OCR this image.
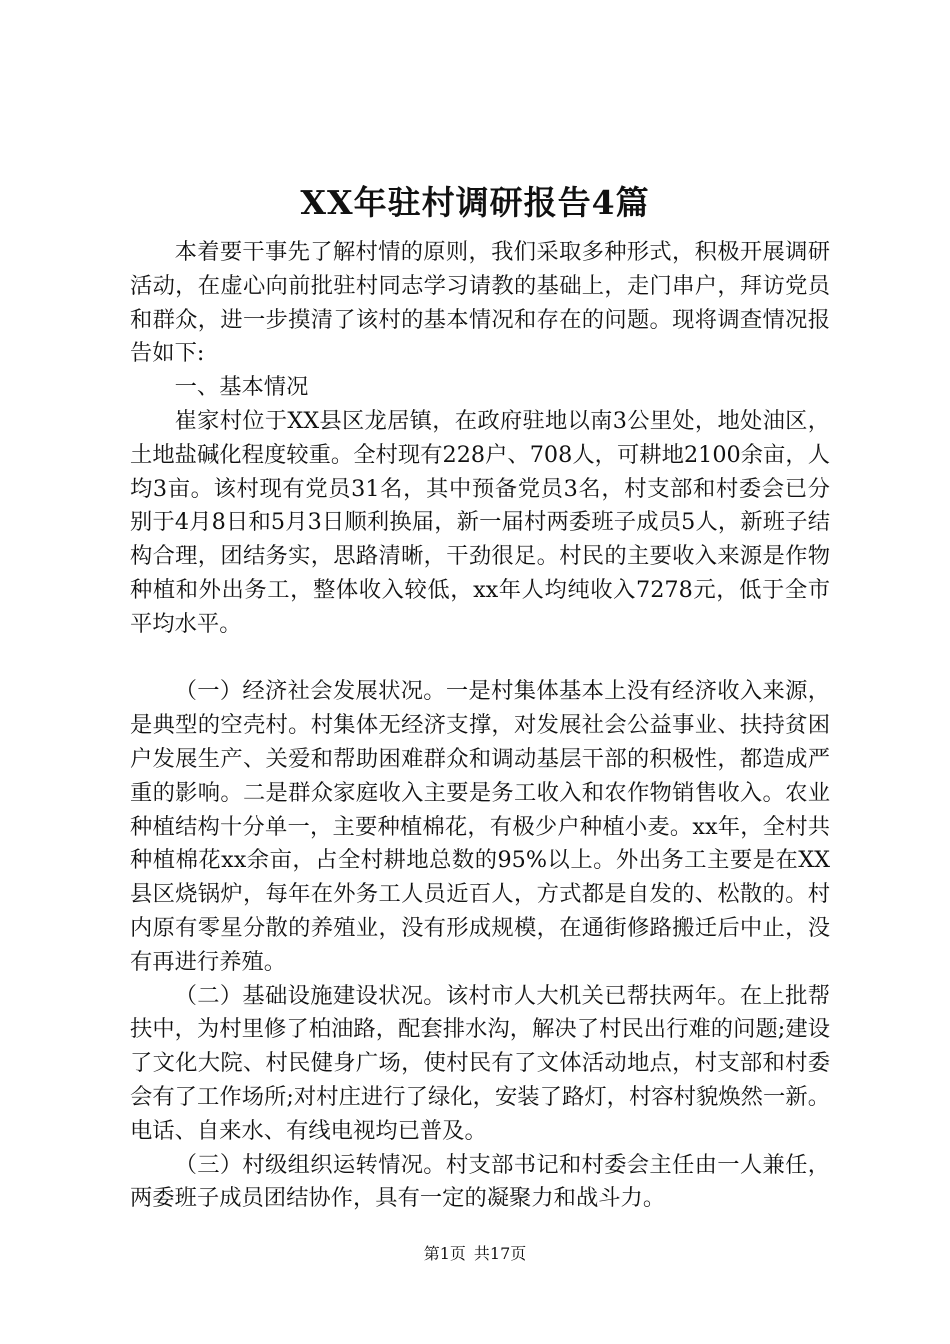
XX年驻村调研报告4篇

本着要干事先了解村情的原则，我们采取多种形式，积极开展调研活动，在虚心向前批驻村同志学习请教的基础上，走门串户，拜访党员和群众，进一步摸清了该村的基本情况和存在的问题。现将调查情况报告如下:

一、基本情况

崔家村位于XX县区龙居镇，在政府驻地以南3公里处，地处油区，土地盐碱化程度较重。全村现有228户、708人，可耕地2100余亩，人均3亩。该村现有党员31名，其中预备党员3名，村支部和村委会已分别于4月8日和5月3日顺利换届，新一届村两委班子成员5人，新班子结构合理，团结务实，思路清晰，干劲很足。村民的主要收入来源是作物种植和外出务工，整体收入较低，xx年人均纯收入7278元，低于全市平均水平。

（一）经济社会发展状况。一是村集体基本上没有经济收入来源，是典型的空壳村。村集体无经济支撑，对发展社会公益事业、扶持贫困户发展生产、关爱和帮助困难群众和调动基层干部的积极性，都造成严重的影响。二是群众家庭收入主要是务工收入和农作物销售收入。农业种植结构十分单一，主要种植棉花，有极少户种植小麦。xx年，全村共种植棉花xx余亩，占全村耕地总数的95%以上。外出务工主要是在XX县区烧锅炉，每年在外务工人员近百人，方式都是自发的、松散的。村内原有零星分散的养殖业，没有形成规模，在通街修路搬迁后中止，没有再进行养殖。

（二）基础设施建设状况。该村市人大机关已帮扶两年。在上批帮扶中，为村里修了柏油路，配套排水沟，解决了村民出行难的问题;建设了文化大院、村民健身广场，使村民有了文体活动地点，村支部和村委会有了工作场所;对村庄进行了绿化，安装了路灯，村容村貌焕然一新。电话、自来水、有线电视均已普及。

（三）村级组织运转情况。村支部书记和村委会主任由一人兼任，两委班子成员团结协作，具有一定的凝聚力和战斗力。

第1页 共17页
